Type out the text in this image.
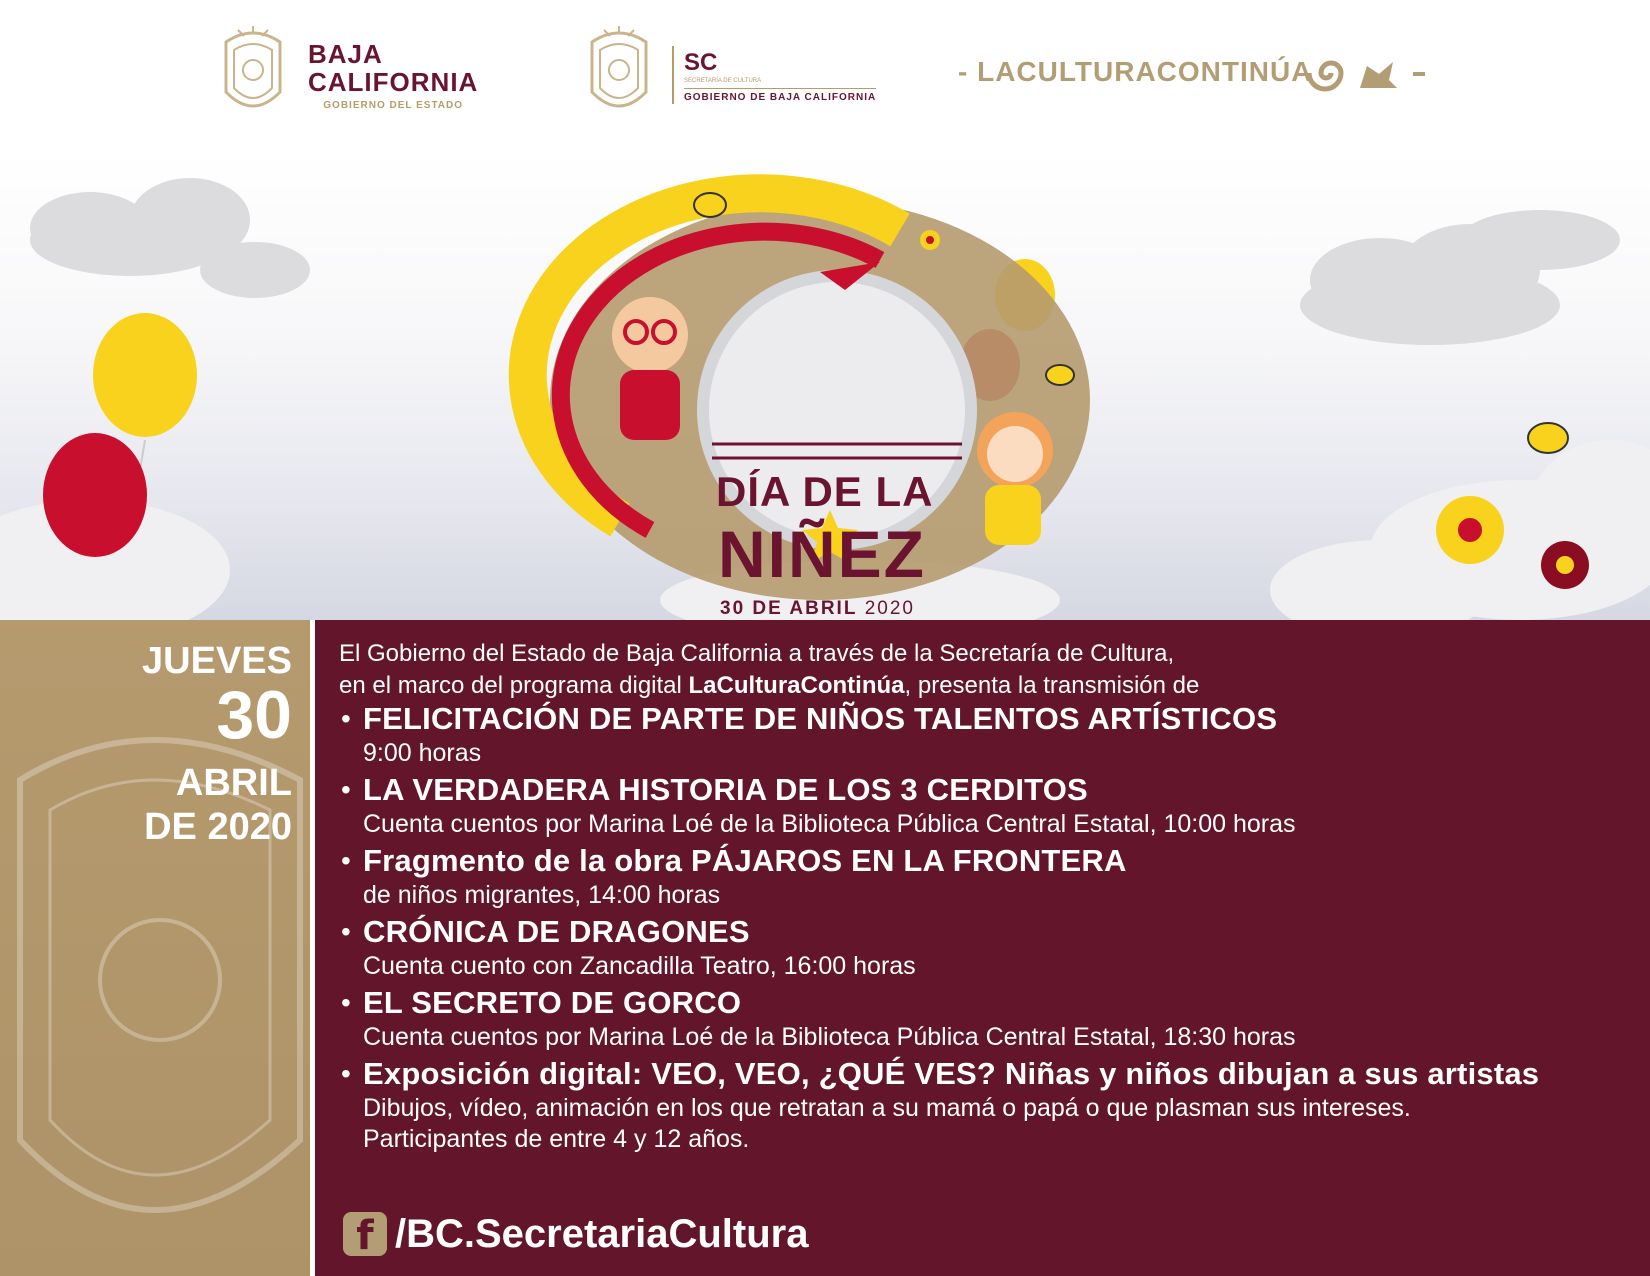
BAJA
CALIFORNIA
GOBIERNO DEL ESTADO
SC
SECRETARÍA DE CULTURA
GOBIERNO DE BAJA CALIFORNIA
- LACULTURACONTINÚA
DÍA DE LA
NIÑEZ
30 DE ABRIL 2020
JUEVES
30
ABRIL
DE 2020
El Gobierno del Estado de Baja California a través de la Secretaría de Cultura,
en el marco del programa digital LaCulturaContinúa, presenta la transmisión de
• FELICITACIÓN DE PARTE DE NIÑOS TALENTOS ARTÍSTICOS
9:00 horas
• LA VERDADERA HISTORIA DE LOS 3 CERDITOS
Cuenta cuentos por Marina Loé de la Biblioteca Pública Central Estatal, 10:00 horas
• Fragmento de la obra PÁJAROS EN LA FRONTERA
de niños migrantes, 14:00 horas
• CRÓNICA DE DRAGONES
Cuenta cuento con Zancadilla Teatro, 16:00 horas
• EL SECRETO DE GORCO
Cuenta cuentos por Marina Loé de la Biblioteca Pública Central Estatal, 18:30 horas
• Exposición digital: VEO, VEO, ¿QUÉ VES? Niñas y niños dibujan a sus artistas
Dibujos, vídeo, animación en los que retratan a su mamá o papá o que plasman sus intereses.
Participantes de entre 4 y 12 años.
f /BC.SecretariaCultura
